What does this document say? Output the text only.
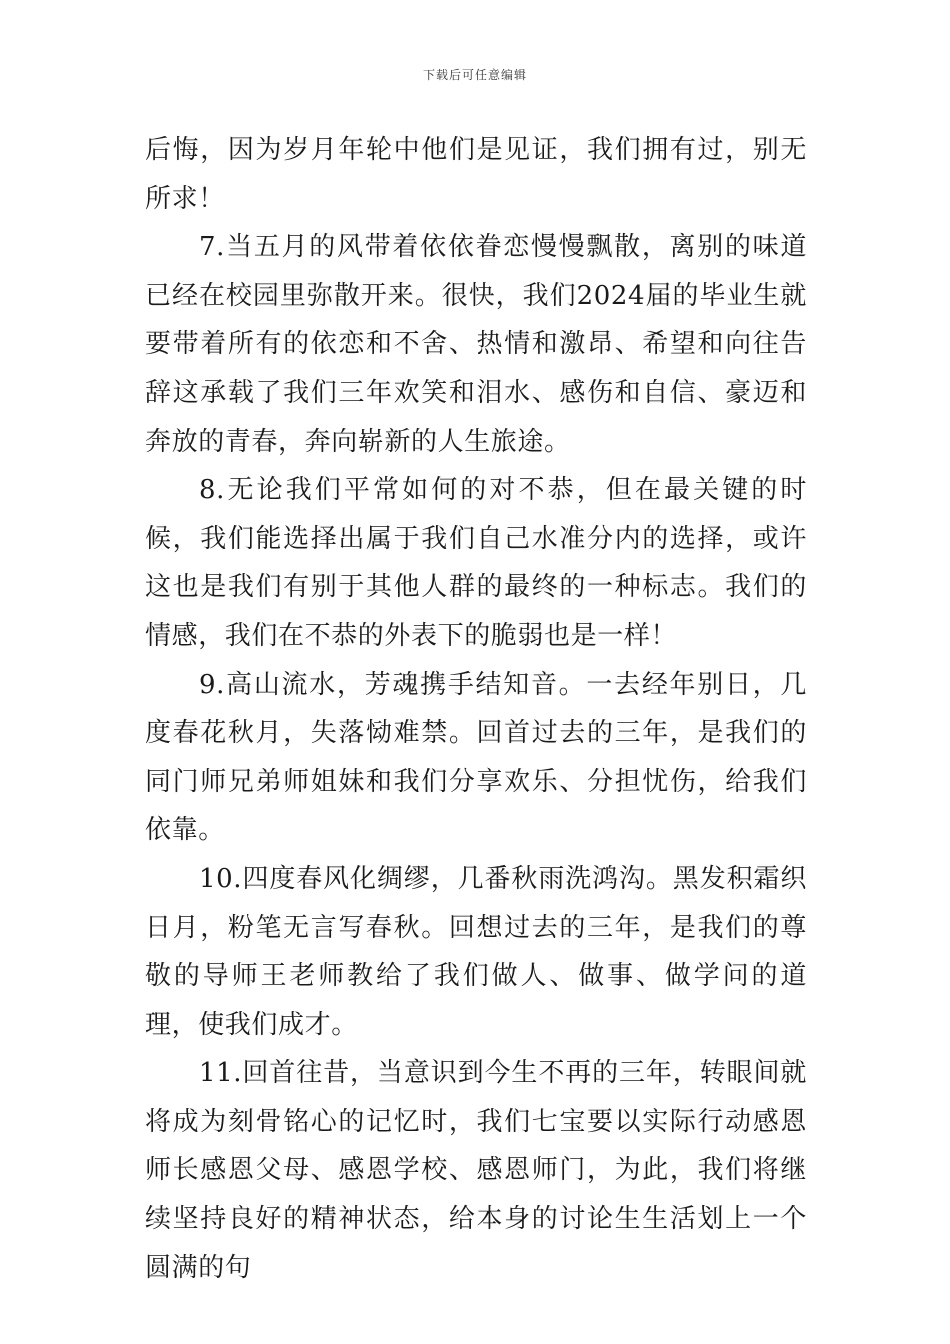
下载后可任意编辑

后悔，因为岁月年轮中他们是见证，我们拥有过，别无所求！

7.当五月的风带着依依眷恋慢慢飘散，离别的味道已经在校园里弥散开来。很快，我们2024届的毕业生就要带着所有的依恋和不舍、热情和激昂、希望和向往告辞这承载了我们三年欢笑和泪水、感伤和自信、豪迈和奔放的青春，奔向崭新的人生旅途。

8.无论我们平常如何的对不恭，但在最关键的时候，我们能选择出属于我们自己水准分内的选择，或许这也是我们有别于其他人群的最终的一种标志。我们的情感，我们在不恭的外表下的脆弱也是一样！

9.高山流水，芳魂携手结知音。一去经年别日，几度春花秋月，失落恸难禁。回首过去的三年，是我们的同门师兄弟师姐妹和我们分享欢乐、分担忧伤，给我们依靠。

10.四度春风化绸缪，几番秋雨洗鸿沟。黑发积霜织日月，粉笔无言写春秋。回想过去的三年，是我们的尊敬的导师王老师教给了我们做人、做事、做学问的道理，使我们成才。

11.回首往昔，当意识到今生不再的三年，转眼间就将成为刻骨铭心的记忆时，我们七宝要以实际行动感恩师长感恩父母、感恩学校、感恩师门，为此，我们将继续坚持良好的精神状态，给本身的讨论生生活划上一个圆满的句
